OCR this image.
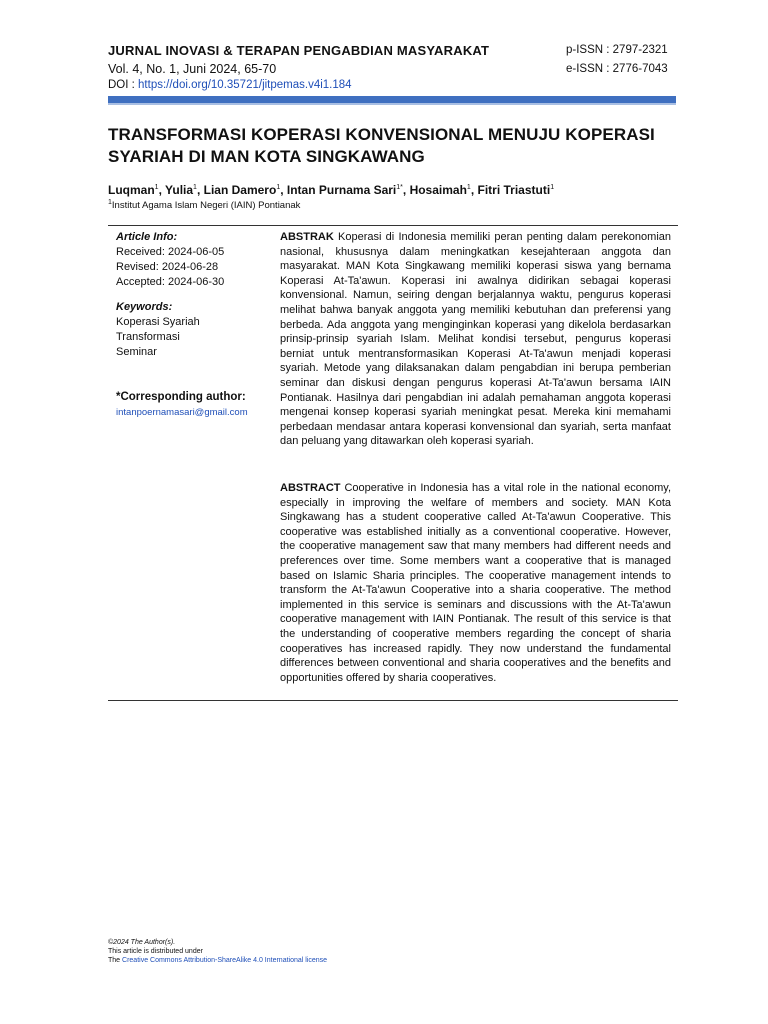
JURNAL INOVASI & TERAPAN PENGABDIAN MASYARAKAT
Vol. 4, No. 1, Juni 2024, 65-70
DOI : https://doi.org/10.35721/jitpemas.v4i1.184
p-ISSN : 2797-2321
e-ISSN : 2776-7043
TRANSFORMASI KOPERASI KONVENSIONAL MENUJU KOPERASI SYARIAH DI MAN KOTA SINGKAWANG
Luqman$^1$, Yulia$^1$, Lian Damero$^1$, Intan Purnama Sari$^{1*}$, Hosaimah$^1$, Fitri Triastuti$^1$
$^1$Institut Agama Islam Negeri (IAIN) Pontianak
Article Info:
Received: 2024-06-05
Revised: 2024-06-28
Accepted: 2024-06-30
Keywords:
Koperasi Syariah
Transformasi
Seminar
*Corresponding author:
intanpoernamasari@gmail.com
ABSTRAK Koperasi di Indonesia memiliki peran penting dalam perekonomian nasional, khususnya dalam meningkatkan kesejahteraan anggota dan masyarakat. MAN Kota Singkawang memiliki koperasi siswa yang bernama Koperasi At-Ta'awun. Koperasi ini awalnya didirikan sebagai koperasi konvensional. Namun, seiring dengan berjalannya waktu, pengurus koperasi melihat bahwa banyak anggota yang memiliki kebutuhan dan preferensi yang berbeda. Ada anggota yang menginginkan koperasi yang dikelola berdasarkan prinsip-prinsip syariah Islam. Melihat kondisi tersebut, pengurus koperasi berniat untuk mentransformasikan Koperasi At-Ta'awun menjadi koperasi syariah. Metode yang dilaksanakan dalam pengabdian ini berupa pemberian seminar dan diskusi dengan pengurus koperasi At-Ta'awun bersama IAIN Pontianak. Hasilnya dari pengabdian ini adalah pemahaman anggota koperasi mengenai konsep koperasi syariah meningkat pesat. Mereka kini memahami perbedaan mendasar antara koperasi konvensional dan syariah, serta manfaat dan peluang yang ditawarkan oleh koperasi syariah.
ABSTRACT Cooperative in Indonesia has a vital role in the national economy, especially in improving the welfare of members and society. MAN Kota Singkawang has a student cooperative called At-Ta'awun Cooperative. This cooperative was established initially as a conventional cooperative. However, the cooperative management saw that many members had different needs and preferences over time. Some members want a cooperative that is managed based on Islamic Sharia principles. The cooperative management intends to transform the At-Ta'awun Cooperative into a sharia cooperative. The method implemented in this service is seminars and discussions with the At-Ta'awun cooperative management with IAIN Pontianak. The result of this service is that the understanding of cooperative members regarding the concept of sharia cooperatives has increased rapidly. They now understand the fundamental differences between conventional and sharia cooperatives and the benefits and opportunities offered by sharia cooperatives.
©2024 The Author(s).
This article is distributed under
The Creative Commons Attribution-ShareAlike 4.0 International license
